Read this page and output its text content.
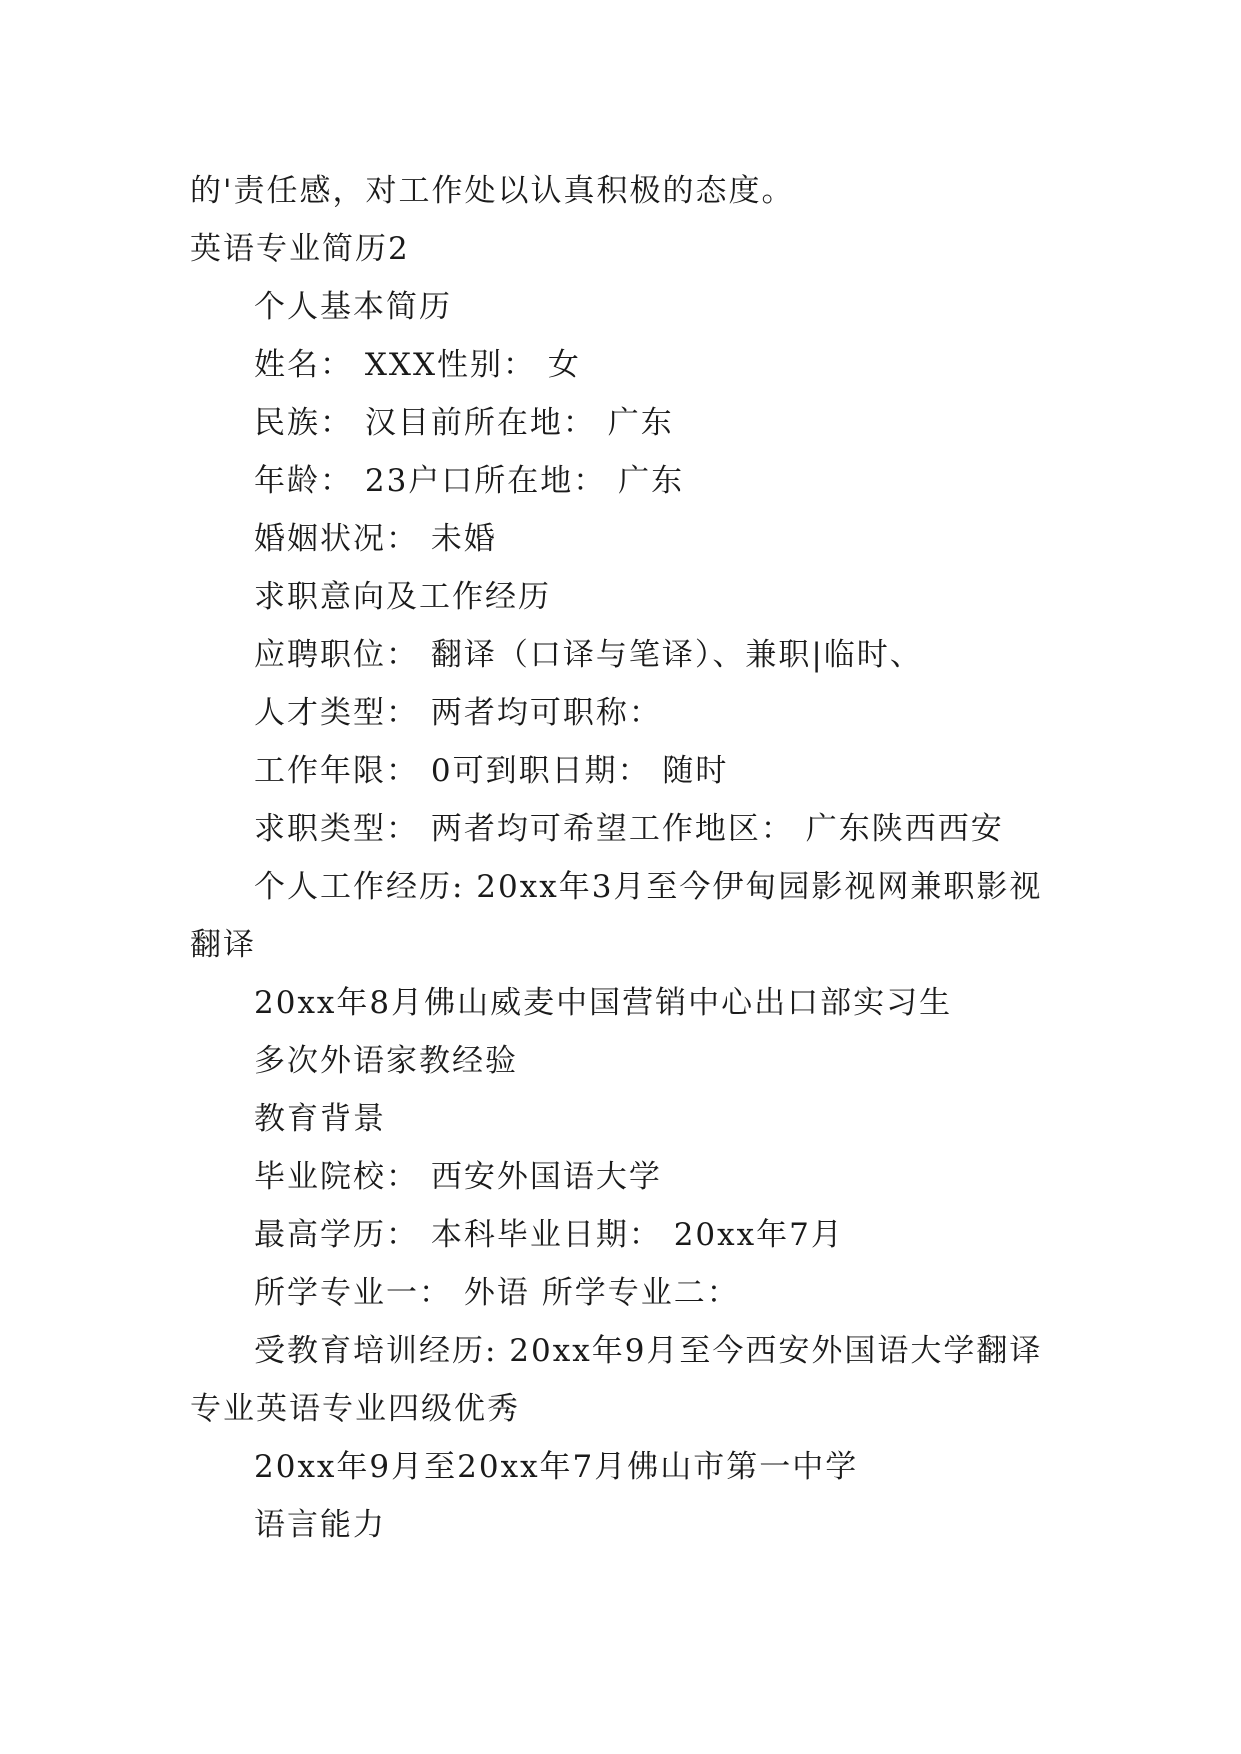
的'责任感，对工作处以认真积极的态度。
英语专业简历2
个人基本简历
姓名： XXX性别： 女
民族： 汉目前所在地： 广东
年龄： 23户口所在地： 广东
婚姻状况： 未婚
求职意向及工作经历
应聘职位： 翻译（口译与笔译）、兼职|临时、
人才类型： 两者均可职称：
工作年限： 0可到职日期： 随时
求职类型： 两者均可希望工作地区： 广东陕西西安
个人工作经历: 20xx年3月至今伊甸园影视网兼职影视
翻译
20xx年8月佛山威麦中国营销中心出口部实习生
多次外语家教经验
教育背景
毕业院校： 西安外国语大学
最高学历： 本科毕业日期： 20xx年7月
所学专业一： 外语 所学专业二：
受教育培训经历: 20xx年9月至今西安外国语大学翻译
专业英语专业四级优秀
20xx年9月至20xx年7月佛山市第一中学
语言能力
